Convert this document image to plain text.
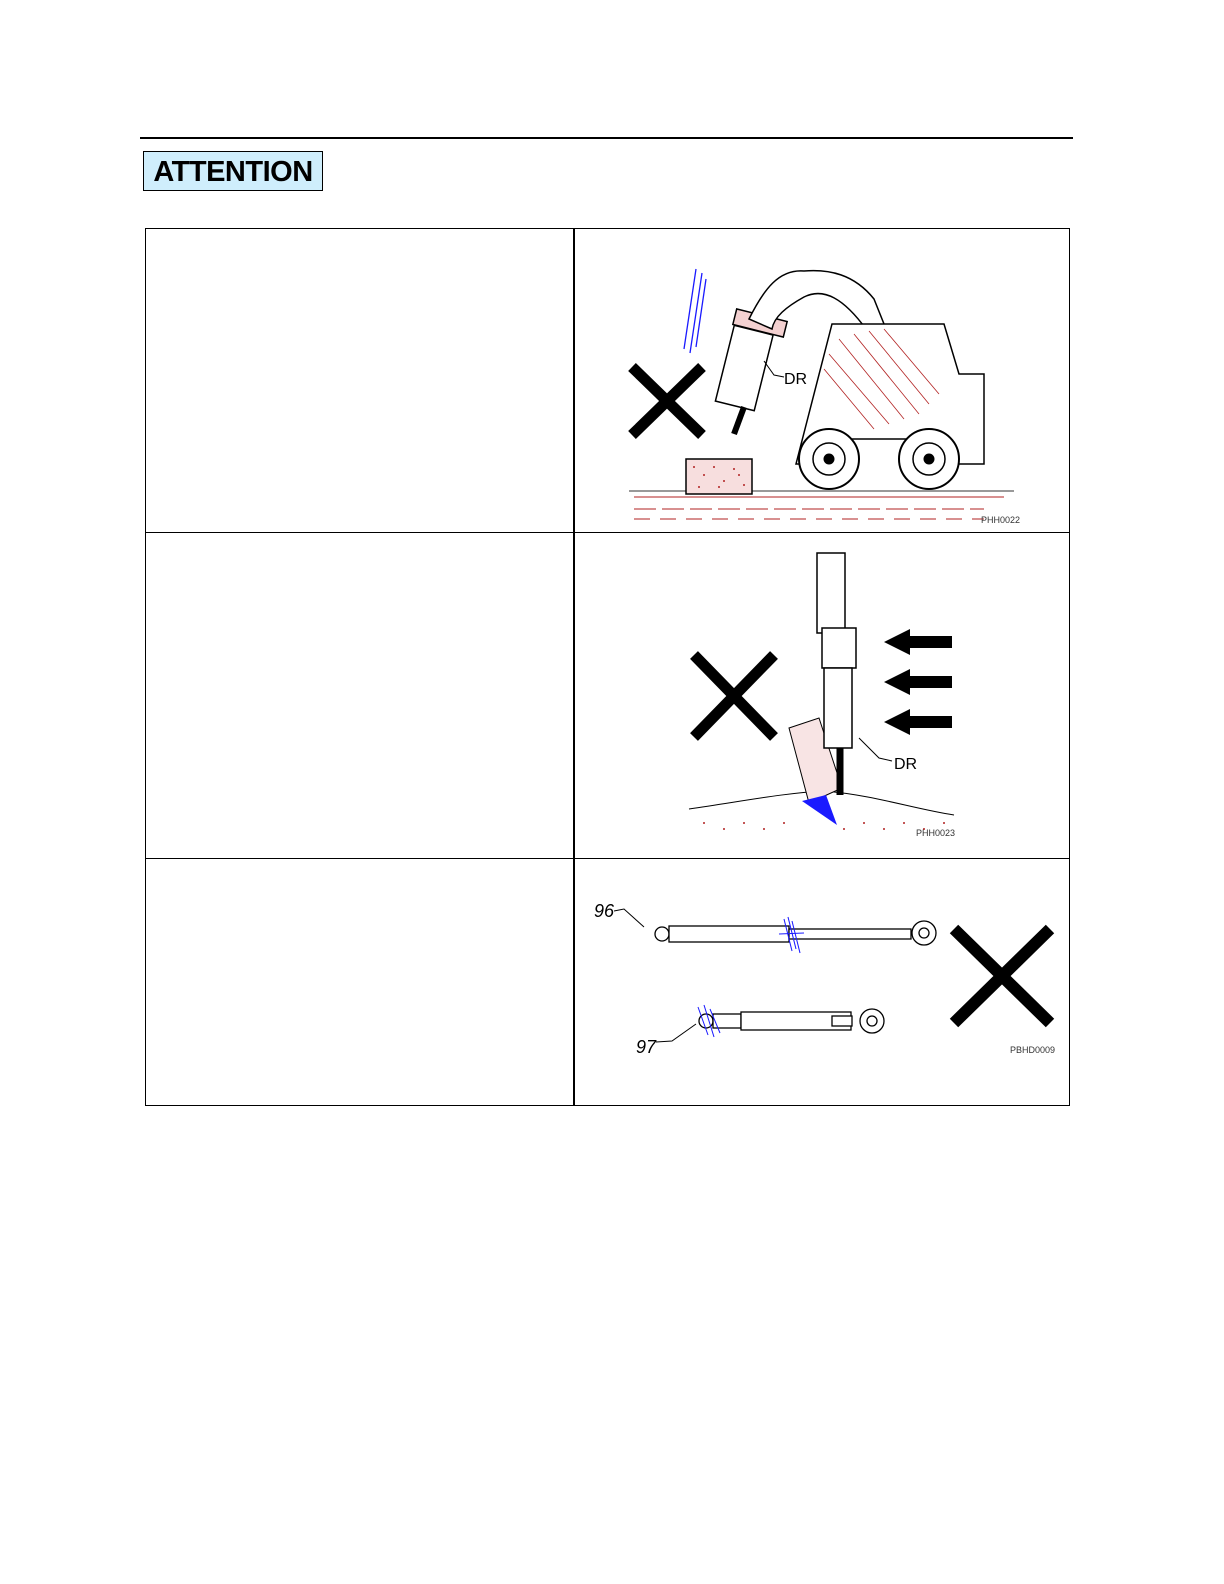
ATTENTION
DR
PHH0022
DR
PHH0023
96
97	PBHD0009
